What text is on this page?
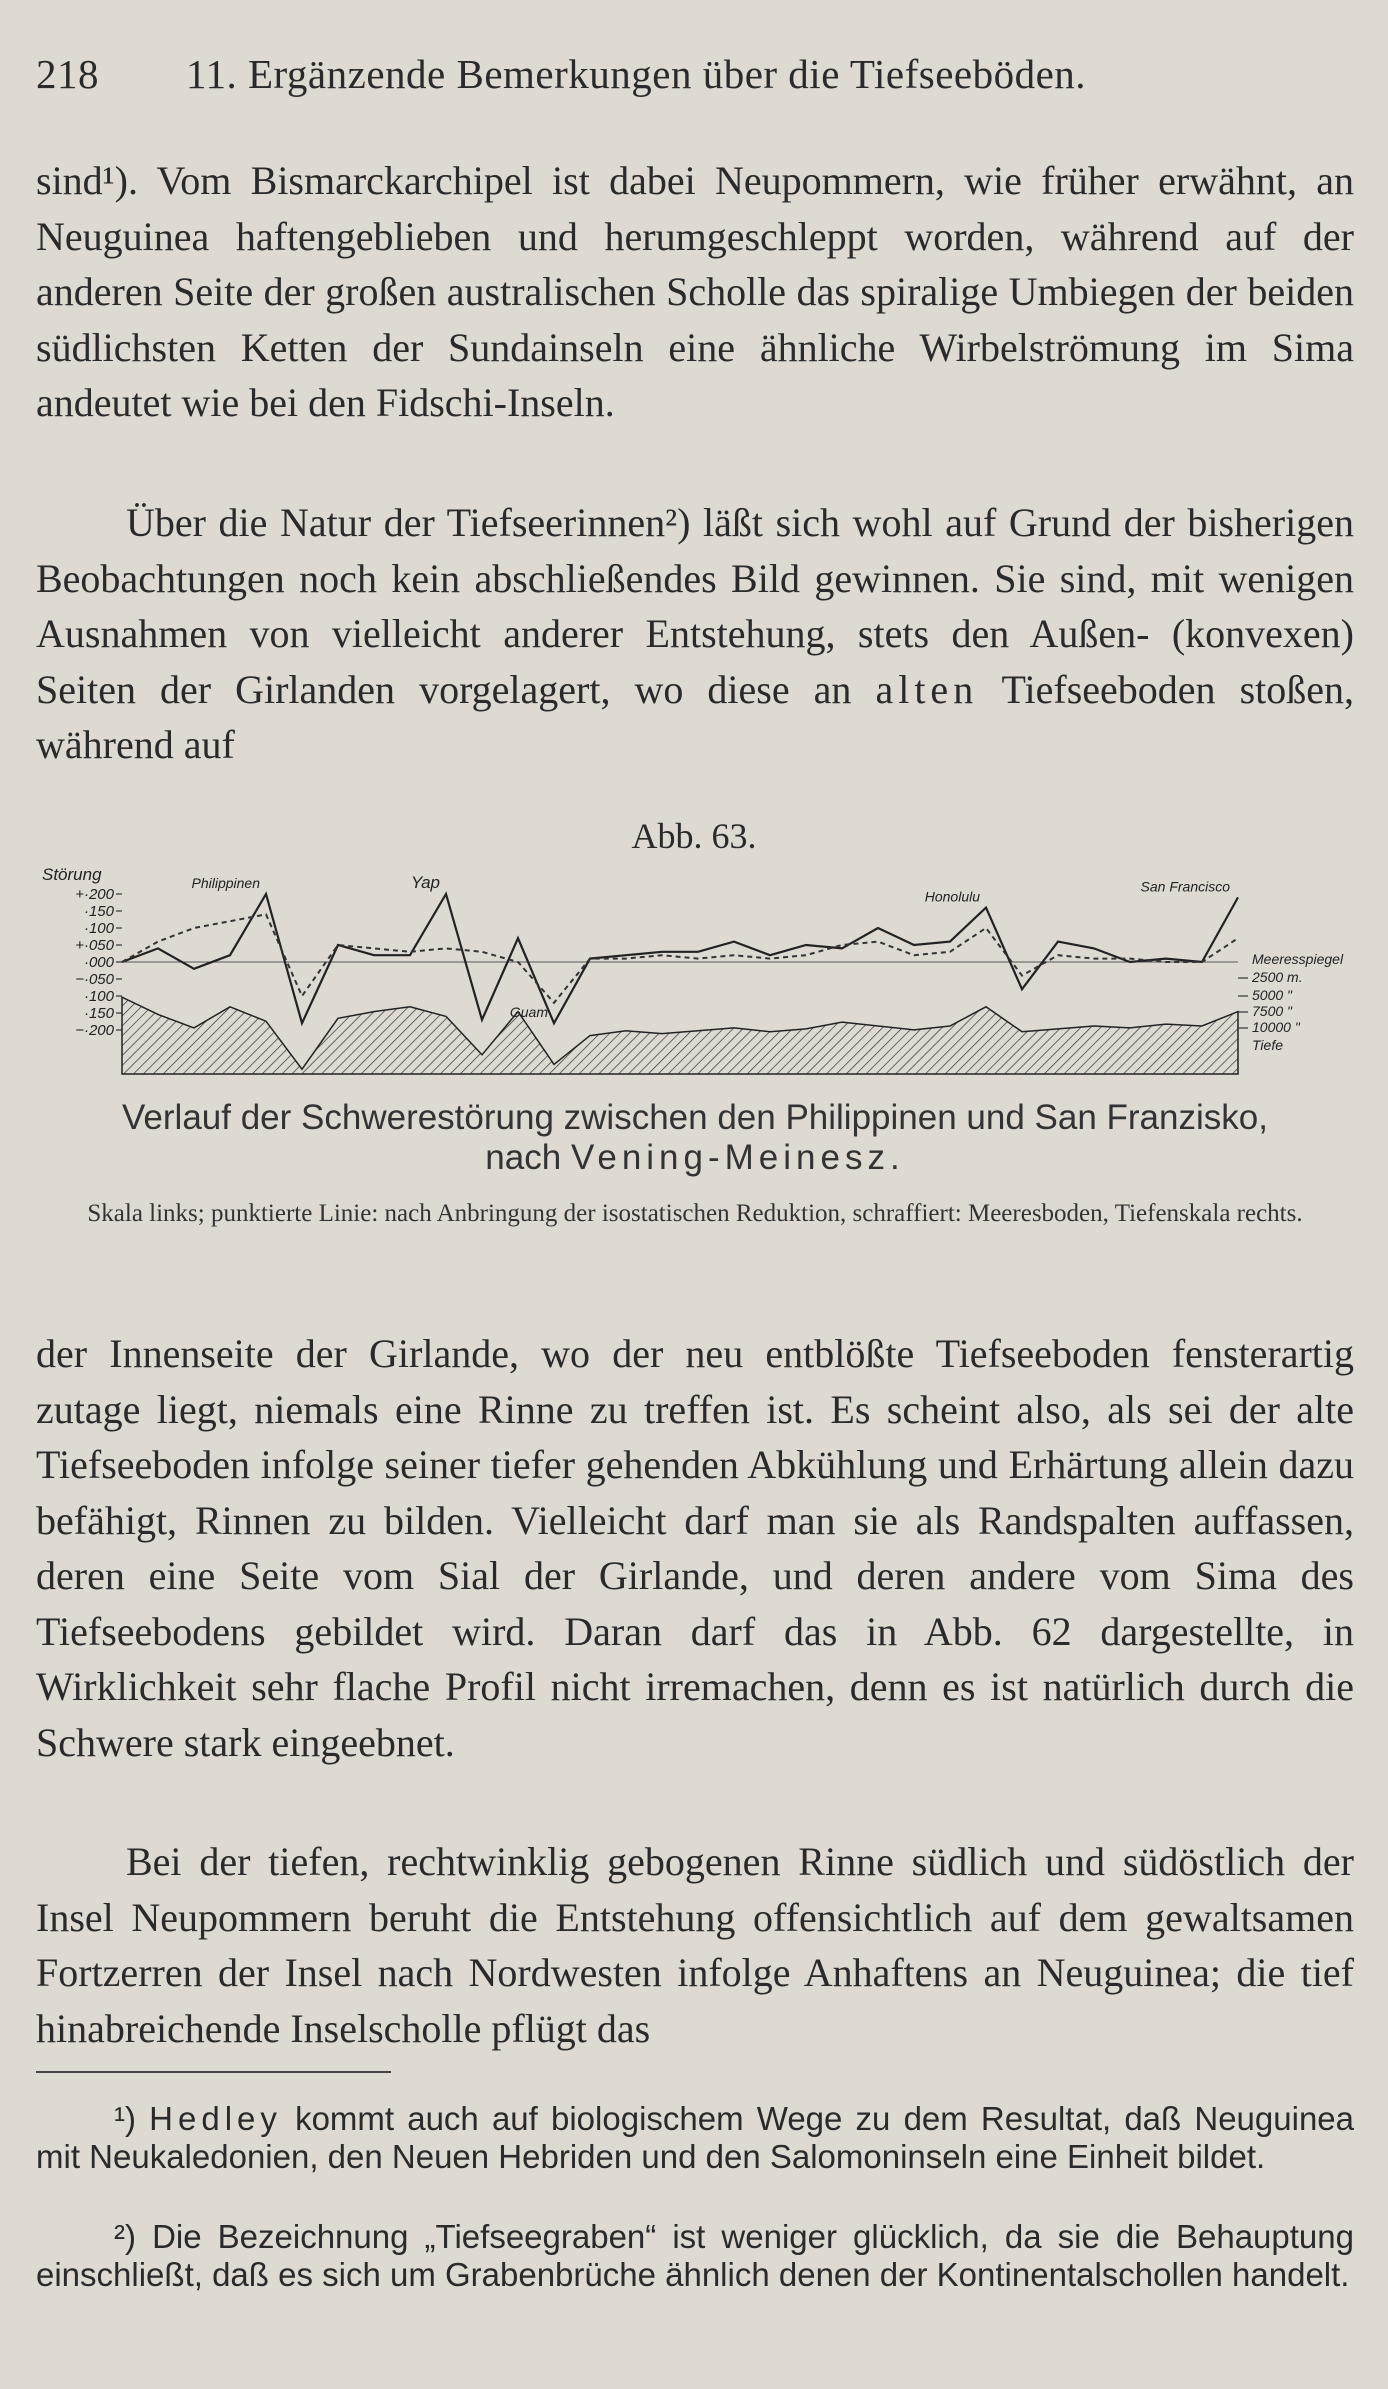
218 11. Ergänzende Bemerkungen über die Tiefseeböden.

sind¹). Vom Bismarckarchipel ist dabei Neupommern, wie früher erwähnt, an Neuguinea haftengeblieben und herumgeschleppt worden, während auf der anderen Seite der großen australischen Scholle das spiralige Umbiegen der beiden südlichsten Ketten der Sundainseln eine ähnliche Wirbelströmung im Sima andeutet wie bei den Fidschi-Inseln.

Über die Natur der Tiefseerinnen²) läßt sich wohl auf Grund der bisherigen Beobachtungen noch kein abschließendes Bild gewinnen. Sie sind, mit wenigen Ausnahmen von vielleicht anderer Entstehung, stets den Außen- (konvexen) Seiten der Girlanden vorgelagert, wo diese an alten Tiefseeboden stoßen, während auf

Abb. 63.
Störung
+·200
·150
·100
+·050
·000
−·050
·100
·150
−·200
Philippinen	Yap
Guam
Honolulu
San Francisco
Meeresspiegel
2500 m.
5000 "
7500 "
10000 "
Tiefe
Verlauf der Schwerestörung zwischen den Philippinen und San Franzisko,
nach Vening-Meinesz.
Skala links; punktierte Linie: nach Anbringung der isostatischen Reduktion, schraffiert: Meeresboden, Tiefenskala rechts.

der Innenseite der Girlande, wo der neu entblößte Tiefseeboden fensterartig zutage liegt, niemals eine Rinne zu treffen ist. Es scheint also, als sei der alte Tiefseeboden infolge seiner tiefer gehenden Abkühlung und Erhärtung allein dazu befähigt, Rinnen zu bilden. Vielleicht darf man sie als Randspalten auffassen, deren eine Seite vom Sial der Girlande, und deren andere vom Sima des Tiefseebodens gebildet wird. Daran darf das in Abb. 62 dargestellte, in Wirklichkeit sehr flache Profil nicht irremachen, denn es ist natürlich durch die Schwere stark eingeebnet.

Bei der tiefen, rechtwinklig gebogenen Rinne südlich und südöstlich der Insel Neupommern beruht die Entstehung offensichtlich auf dem gewaltsamen Fortzerren der Insel nach Nordwesten infolge Anhaftens an Neuguinea; die tief hinabreichende Inselscholle pflügt das

¹) Hedley kommt auch auf biologischem Wege zu dem Resultat, daß Neuguinea mit Neukaledonien, den Neuen Hebriden und den Salomoninseln eine Einheit bildet.

²) Die Bezeichnung „Tiefseegraben“ ist weniger glücklich, da sie die Behauptung einschließt, daß es sich um Grabenbrüche ähnlich denen der Kontinentalschollen handelt.
